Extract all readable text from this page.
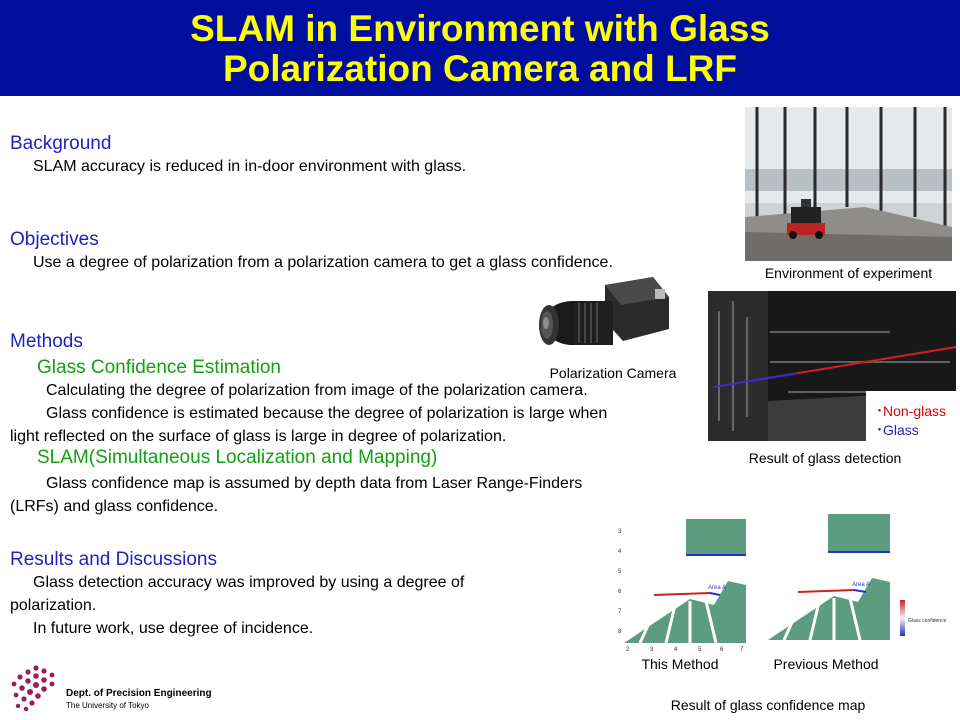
SLAM in Environment with Glass
Polarization Camera and LRF
Background
SLAM accuracy is reduced in in-door environment with glass.
Objectives
Use a degree of polarization from a polarization camera to get a glass confidence.
Methods
Glass Confidence Estimation
Calculating the degree of polarization from image of the polarization camera.
Glass confidence is estimated because the degree of polarization is large when
light reflected on the surface of glass is large in degree of polarization.
SLAM(Simultaneous Localization and Mapping)
Glass confidence map is assumed by depth data from Laser Range-Finders
(LRFs) and glass confidence.
Results and Discussions
Glass detection accuracy was improved by using a degree of
polarization.
In future work, use degree of incidence.
Environment of experiment
Polarization Camera
･Non-glass
･Glass
Result of glass detection
Area A
3
4
5
6
7
8
2	3	4	5	6	7
Area A
Glass confidence
This Method	Previous Method
Result of glass confidence map
Dept. of Precision Engineering
The University of Tokyo
